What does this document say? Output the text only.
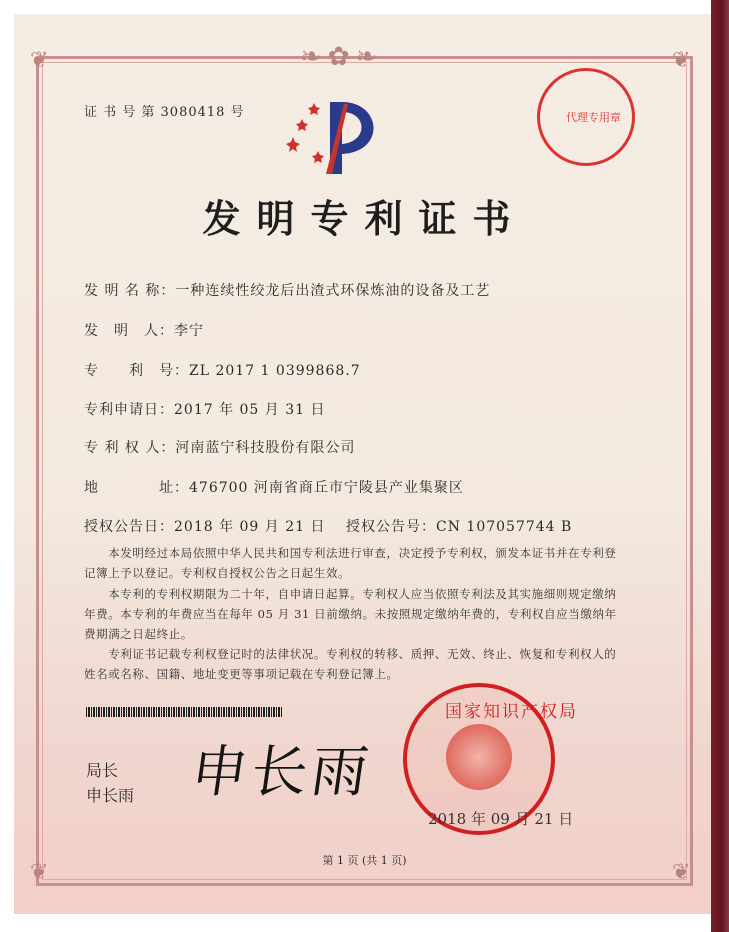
❦	❦
❦	❦
❧✿❧
代理专用章
证 书 号 第 3080418 号
发明专利证书
发 明 名 称：一种连续性绞龙后出渣式环保炼油的设备及工艺
发　明　人：李宁
专　　利　号：ZL 2017 1 0399868.7
专利申请日：2017 年 05 月 31 日
专 利 权 人：河南蓝宁科技股份有限公司
地　　　　址：476700 河南省商丘市宁陵县产业集聚区
授权公告日：2018 年 09 月 21 日 授权公告号：CN 107057744 B
　　本发明经过本局依照中华人民共和国专利法进行审查，决定授予专利权，颁发本证书并在专利登记簿上予以登记。专利权自授权公告之日起生效。
　　本专利的专利权期限为二十年，自申请日起算。专利权人应当依照专利法及其实施细则规定缴纳年费。本专利的年费应当在每年 05 月 31 日前缴纳。未按照规定缴纳年费的，专利权自应当缴纳年费期满之日起终止。
　　专利证书记载专利权登记时的法律状况。专利权的转移、质押、无效、终止、恢复和专利权人的姓名或名称、国籍、地址变更等事项记载在专利登记簿上。
局长
申长雨 申长雨
国家知识产权局
2018 年 09 月 21 日
第 1 页 (共 1 页)
